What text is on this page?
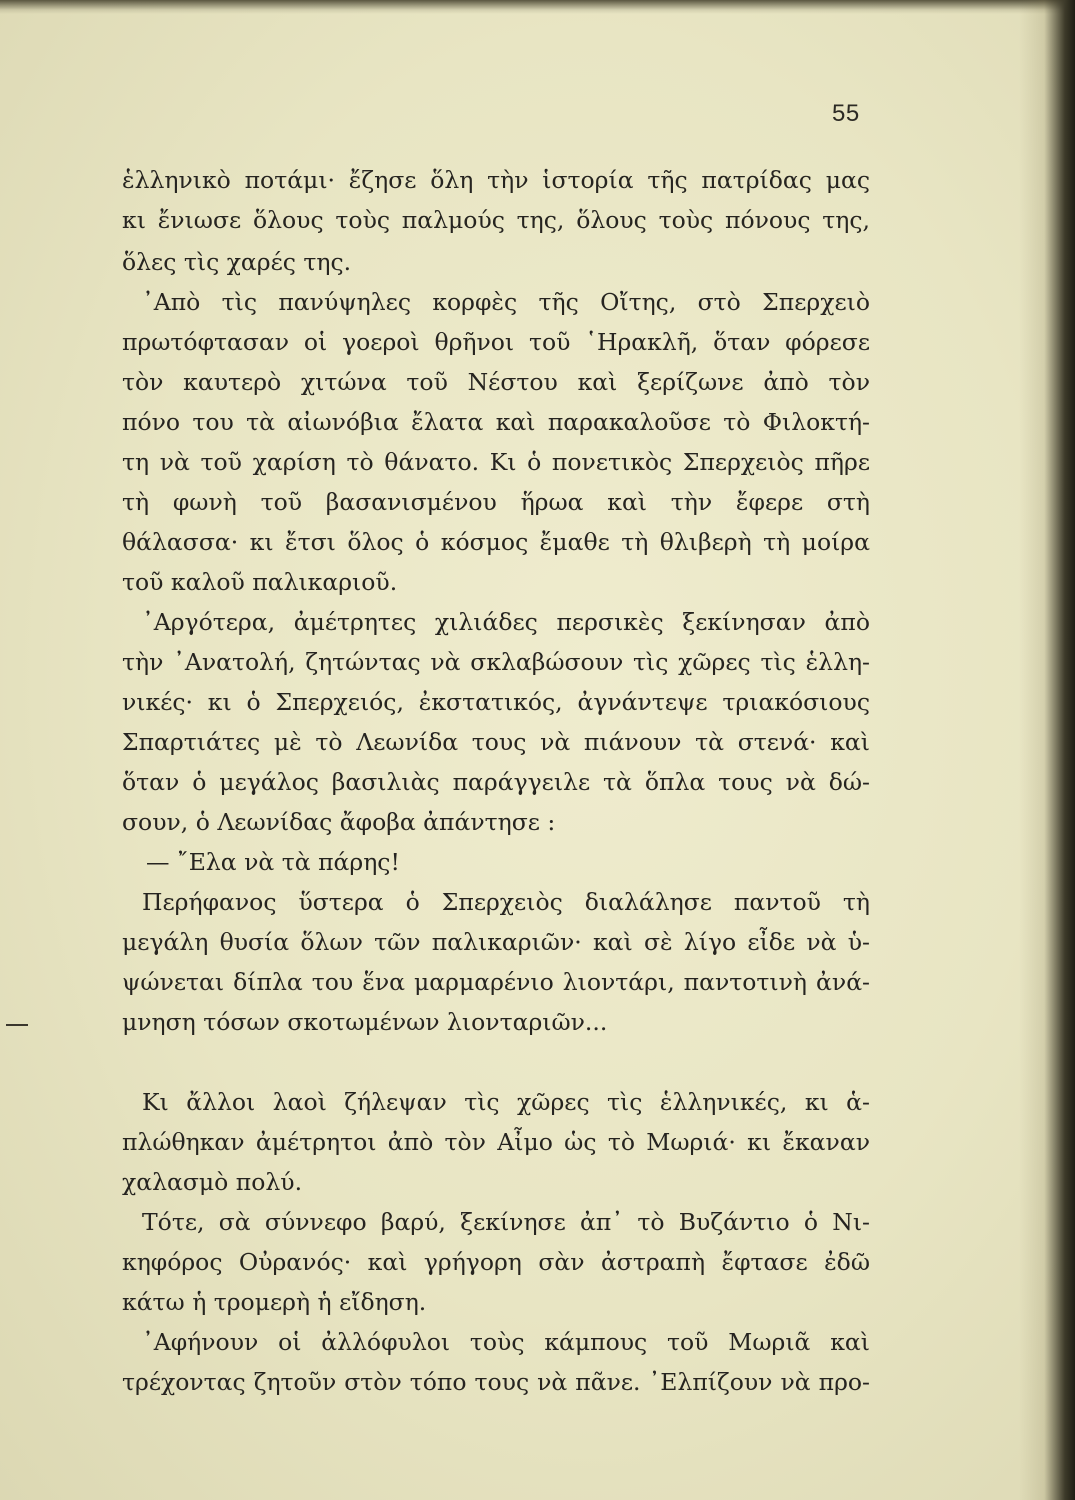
55
ἑλληνικὸ ποτάμι· ἔζησε ὅλη τὴν ἱστορία τῆς πατρίδας μας
κι ἔνιωσε ὅλους τοὺς παλμούς της, ὅλους τοὺς πόνους της,
ὅλες τὶς χαρές της.
᾿Απὸ τὶς πανύψηλες κορφὲς τῆς Οἴτης, στὸ Σπερχειὸ
πρωτόφτασαν οἱ γοεροὶ θρῆνοι τοῦ ῾Ηρακλῆ, ὅταν φόρεσε
τὸν καυτερὸ χιτώνα τοῦ Νέστου καὶ ξερίζωνε ἀπὸ τὸν
πόνο του τὰ αἰωνόβια ἔλατα καὶ παρακαλοῦσε τὸ Φιλοκτή-
τη νὰ τοῦ χαρίση τὸ θάνατο. Κι ὁ πονετικὸς Σπερχειὸς πῆρε
τὴ φωνὴ τοῦ βασανισμένου ἥρωα καὶ τὴν ἔφερε στὴ
θάλασσα· κι ἔτσι ὅλος ὁ κόσμος ἔμαθε τὴ θλιβερὴ τὴ μοίρα
τοῦ καλοῦ παλικαριοῦ.
᾿Αργότερα, ἀμέτρητες χιλιάδες περσικὲς ξεκίνησαν ἀπὸ
τὴν ᾿Ανατολή, ζητώντας νὰ σκλαβώσουν τὶς χῶρες τὶς ἑλλη-
νικές· κι ὁ Σπερχειός, ἐκστατικός, ἀγνάντεψε τριακόσιους
Σπαρτιάτες μὲ τὸ Λεωνίδα τους νὰ πιάνουν τὰ στενά· καὶ
ὅταν ὁ μεγάλος βασιλιὰς παράγγειλε τὰ ὅπλα τους νὰ δώ-
σουν, ὁ Λεωνίδας ἄφοβα ἀπάντησε :
— ῎Ελα νὰ τὰ πάρης!
Περήφανος ὕστερα ὁ Σπερχειὸς διαλάλησε παντοῦ τὴ
μεγάλη θυσία ὅλων τῶν παλικαριῶν· καὶ σὲ λίγο εἶδε νὰ ὑ-
ψώνεται δίπλα του ἕνα μαρμαρένιο λιοντάρι, παντοτινὴ ἀνά-
μνηση τόσων σκοτωμένων λιονταριῶν...
Κι ἄλλοι λαοὶ ζήλεψαν τὶς χῶρες τὶς ἑλληνικές, κι ἁ-
πλώθηκαν ἀμέτρητοι ἀπὸ τὸν Αἶμο ὡς τὸ Μωριά· κι ἔκαναν
χαλασμὸ πολύ.
Τότε, σὰ σύννεφο βαρύ, ξεκίνησε ἀπ᾿ τὸ Βυζάντιο ὁ Νι-
κηφόρος Οὐρανός· καὶ γρήγορη σὰν ἀστραπὴ ἔφτασε ἐδῶ
κάτω ἡ τρομερὴ ἡ εἴδηση.
᾿Αφήνουν οἱ ἀλλόφυλοι τοὺς κάμπους τοῦ Μωριᾶ καὶ
τρέχοντας ζητοῦν στὸν τόπο τους νὰ πᾶνε. ᾿Ελπίζουν νὰ προ-
